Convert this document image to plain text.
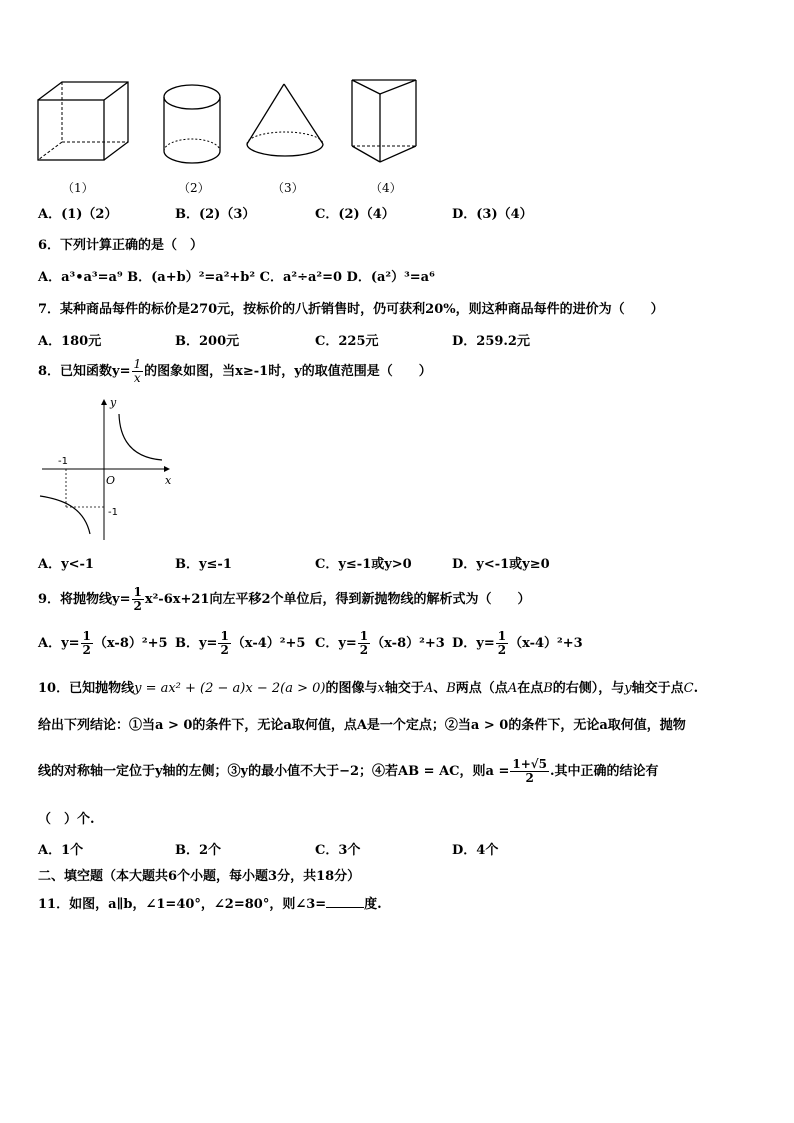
（1）	（2）	（3）	（4）
A．(1)（2）	B．(2)（3）	C．(2)（4）	D．(3)（4）
6．下列计算正确的是（　）
A．a³•a³=a⁹ B．(a+b）²=a²+b² C．a²÷a²=0 D．(a²）³=a⁶
7．某种商品每件的标价是270元，按标价的八折销售时，仍可获利20%，则这种商品每件的进价为（　　）
A．180元	B．200元	C．225元	D．259.2元
8．已知函数$y= \frac{1}{x}$ 的图象如图，当x≥-1时，y的取值范围是（　　）
y
x
O
-1
-1
A．y<-1	B．y≤-1	C．y≤-1或y>0	D．y<-1或y≥0
9．将抛物线$y= \frac{1}{2} x^2-6x+21$向左平移2个单位后，得到新抛物线的解析式为（　　）
A．$y= \frac{1}{2} (x-8)^2+5$ B．$y= \frac{1}{2} (x-4)^2+5$ C．$y= \frac{1}{2} (x-8)^2+3$ D．$y= \frac{1}{2} (x-4)^2+3$
10．已知抛物线y = ax² + (2 − a)x − 2(a > 0)的图像与x轴交于A、B两点（点A在点B的右侧），与y轴交于点C.
给出下列结论：①当a > 0的条件下，无论a取何值，点A是一个定点；②当a > 0的条件下，无论a取何值，抛物
线的对称轴一定位于y轴的左侧；③y的最小值不大于−2；④若AB = AC，则$a = \frac{1+√5}{2}$ .其中正确的结论有
（　）个.
A．1个	B．2个	C．3个	D．4个
二、填空题（本大题共6个小题，每小题3分，共18分）
11．如图，a∥b，∠1=40°，∠2=80°，则∠3=	度.
